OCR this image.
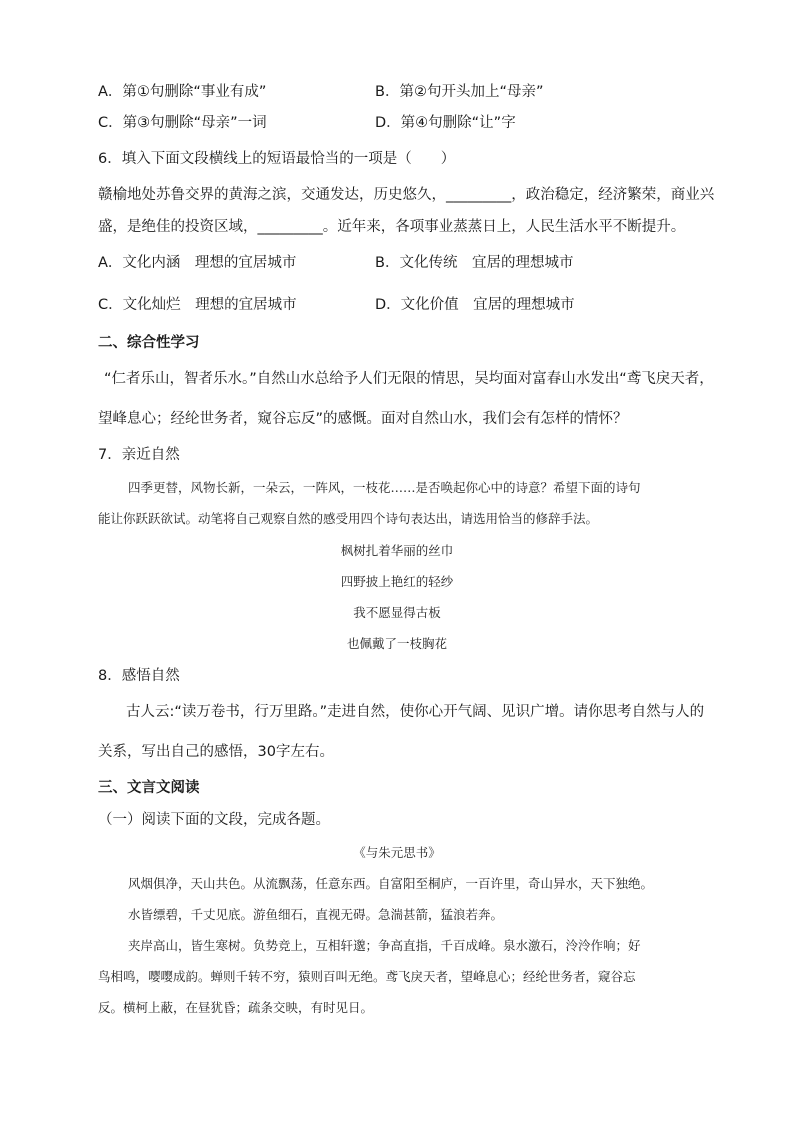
A．第①句删除“事业有成”	B．第②句开头加上“母亲”
C．第③句删除“母亲”一词	D．第④句删除“让”字
6．填入下面文段横线上的短语最恰当的一项是（　　）
赣榆地处苏鲁交界的黄海之滨，交通发达，历史悠久，_________，政治稳定，经济繁荣，商业兴
盛，是绝佳的投资区域，_________。近年来，各项事业蒸蒸日上，人民生活水平不断提升。
A．文化内涵　理想的宜居城市	B．文化传统　宜居的理想城市
C．文化灿烂　理想的宜居城市	D．文化价值　宜居的理想城市
二、综合性学习
“仁者乐山，智者乐水。”自然山水总给予人们无限的情思，吴均面对富春山水发出“鸢飞戾天者，
望峰息心；经纶世务者，窥谷忘反”的感慨。面对自然山水，我们会有怎样的情怀？
7．亲近自然
四季更替，风物长新，一朵云，一阵风，一枝花……是否唤起你心中的诗意？希望下面的诗句
能让你跃跃欲试。动笔将自己观察自然的感受用四个诗句表达出，请选用恰当的修辞手法。
枫树扎着华丽的丝巾
四野披上艳红的轻纱
我不愿显得古板
也佩戴了一枝胸花
8．感悟自然
古人云:“读万卷书，行万里路。”走进自然，使你心开气阔、见识广增。请你思考自然与人的
关系，写出自己的感悟，30字左右。
三、文言文阅读
（一）阅读下面的文段，完成各题。
《与朱元思书》
风烟俱净，天山共色。从流飘荡，任意东西。自富阳至桐庐，一百许里，奇山异水，天下独绝。
水皆缥碧，千丈见底。游鱼细石，直视无碍。急湍甚箭，猛浪若奔。
夹岸高山，皆生寒树。负势竞上，互相轩邈；争高直指，千百成峰。泉水激石，泠泠作响；好
鸟相鸣，嘤嘤成韵。蝉则千转不穷，猿则百叫无绝。鸢飞戾天者，望峰息心；经纶世务者，窥谷忘
反。横柯上蔽，在昼犹昏；疏条交映，有时见日。
